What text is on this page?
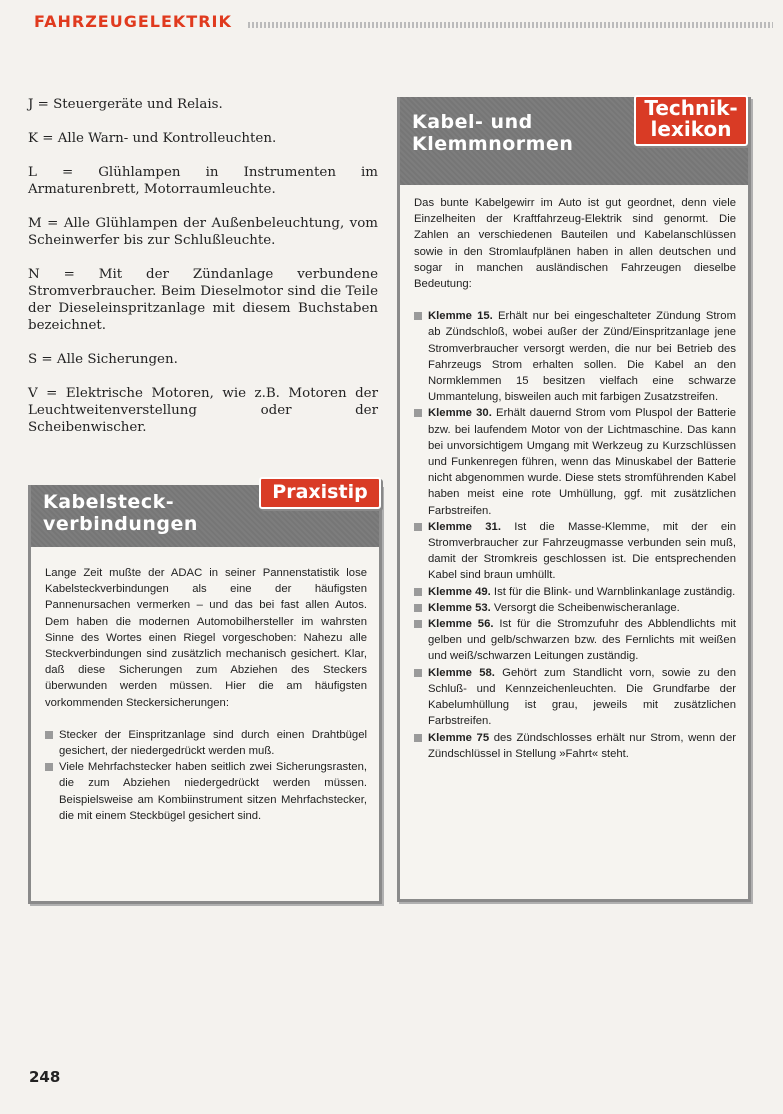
FAHRZEUGELEKTRIK

J = Steuergeräte und Relais.

K = Alle Warn- und Kontrolleuchten.

L = Glühlampen in Instrumenten im Armaturenbrett, Motorraumleuchte.

M = Alle Glühlampen der Außenbeleuchtung, vom Scheinwerfer bis zur Schlußleuchte.

N = Mit der Zündanlage verbundene Stromverbraucher. Beim Dieselmotor sind die Teile der Dieseleinspritzanlage mit diesem Buchstaben bezeichnet.

S = Alle Sicherungen.

V = Elektrische Motoren, wie z.B. Motoren der Leuchtweitenverstellung oder der Scheibenwischer.

Kabelsteck-
verbindungen

Lange Zeit mußte der ADAC in seiner Pannenstatistik lose Kabelsteckverbindungen als eine der häufigsten Pannenursachen vermerken – und das bei fast allen Autos. Dem haben die modernen Automobilhersteller im wahrsten Sinne des Wortes einen Riegel vorgeschoben: Nahezu alle Steckverbindungen sind zusätzlich mechanisch gesichert. Klar, daß diese Sicherungen zum Abziehen des Steckers überwunden werden müssen. Hier die am häufigsten vorkommenden Steckersicherungen:

Stecker der Einspritzanlage sind durch einen Drahtbügel gesichert, der niedergedrückt werden muß.
Viele Mehrfachstecker haben seitlich zwei Sicherungsrasten, die zum Abziehen niedergedrückt werden müssen. Beispielsweise am Kombiinstrument sitzen Mehrfachstecker, die mit einem Steckbügel gesichert sind.
Praxistip
Kabel- und
Klemmnormen

Das bunte Kabelgewirr im Auto ist gut geordnet, denn viele Einzelheiten der Kraftfahrzeug-Elektrik sind genormt. Die Zahlen an verschiedenen Bauteilen und Kabelanschlüssen sowie in den Stromlaufplänen haben in allen deutschen und sogar in manchen ausländischen Fahrzeugen dieselbe Bedeutung:

Klemme 15. Erhält nur bei eingeschalteter Zündung Strom ab Zündschloß, wobei außer der Zünd/Einspritzanlage jene Stromverbraucher versorgt werden, die nur bei Betrieb des Fahrzeugs Strom erhalten sollen. Die Kabel an den Normklemmen 15 besitzen vielfach eine schwarze Ummantelung, bisweilen auch mit farbigen Zusatzstreifen.
Klemme 30. Erhält dauernd Strom vom Pluspol der Batterie bzw. bei laufendem Motor von der Lichtmaschine. Das kann bei unvorsichtigem Umgang mit Werkzeug zu Kurzschlüssen und Funkenregen führen, wenn das Minuskabel der Batterie nicht abgenommen wurde. Diese stets stromführenden Kabel haben meist eine rote Umhüllung, ggf. mit zusätzlichen Farbstreifen.
Klemme 31. Ist die Masse-Klemme, mit der ein Stromverbraucher zur Fahrzeugmasse verbunden sein muß, damit der Stromkreis geschlossen ist. Die entsprechenden Kabel sind braun umhüllt.
Klemme 49. Ist für die Blink- und Warnblinkanlage zuständig.
Klemme 53. Versorgt die Scheibenwischeranlage.
Klemme 56. Ist für die Stromzufuhr des Abblendlichts mit gelben und gelb/schwarzen bzw. des Fernlichts mit weißen und weiß/schwarzen Leitungen zuständig.
Klemme 58. Gehört zum Standlicht vorn, sowie zu den Schluß- und Kennzeichenleuchten. Die Grundfarbe der Kabelumhüllung ist grau, jeweils mit zusätzlichen Farbstreifen.
Klemme 75 des Zündschlosses erhält nur Strom, wenn der Zündschlüssel in Stellung »Fahrt« steht.
Technik-
lexikon
248
